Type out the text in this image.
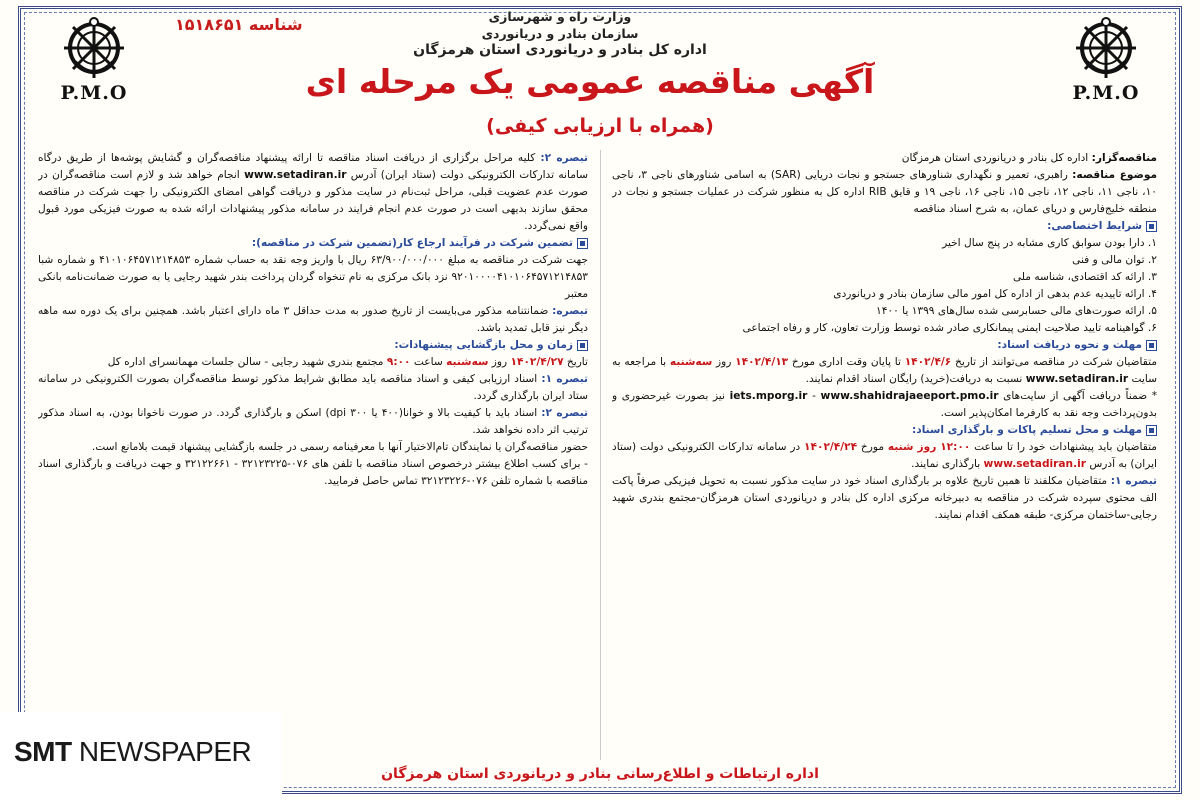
P.M.O	P.M.O
شناسه ۱۵۱۸۶۵۱	وزارت راه و شهرسازی
سازمان بنادر و دریانوردی
اداره کل بنادر و دریانوردی استان هرمزگان
آگهی مناقصه عمومی یک مرحله ای
(همراه با ارزیابی کیفی)

مناقصه‌گزار: اداره کل بنادر و دریانوردی استان هرمزگان

موضوع مناقصه: راهبری، تعمیر و نگهداری شناورهای جستجو و نجات دریایی (SAR) به اسامی شناورهای ناجی ۳، ناجی ۱۰، ناجی ۱۱، ناجی ۱۲، ناجی ۱۵، ناجی ۱۶، ناجی ۱۹ و قایق RIB اداره کل به منظور شرکت در عملیات جستجو و نجات در منطقه خلیج‌فارس و دریای عمان، به شرح اسناد مناقصه

شرایط اختصاصی:

۱. دارا بودن سوابق کاری مشابه در پنج سال اخیر

۲. توان مالی و فنی

۳. ارائه کد اقتصادی، شناسه ملی

۴. ارائه تاییدیه عدم بدهی از اداره کل امور مالی سازمان بنادر و دریانوردی

۵. ارائه صورت‌های مالی حسابرسی شده سال‌های ۱۳۹۹ یا ۱۴۰۰

۶. گواهینامه تایید صلاحیت ایمنی پیمانکاری صادر شده توسط وزارت تعاون، کار و رفاه اجتماعی

مهلت و نحوه دریافت اسناد:

متقاضیان شرکت در مناقصه می‌توانند از تاریخ ۱۴۰۲/۴/۶ تا پایان وقت اداری مورخ ۱۴۰۲/۴/۱۳ روز سه‌شنبه با مراجعه به سایت www.setadiran.ir نسبت به دریافت(خرید) رایگان اسناد اقدام نمایند.

* ضمناً دریافت آگهی از سایت‌های iets.mporg.ir - www.shahidrajaeeport.pmo.ir نیز بصورت غیرحضوری و بدون‌پرداخت وجه نقد به کارفرما امکان‌پذیر است.

مهلت و محل تسلیم پاکات و بارگذاری اسناد:

متقاضیان باید پیشنهادات خود را تا ساعت ۱۲:۰۰ روز شنبه مورخ ۱۴۰۲/۴/۲۴ در سامانه تدارکات الکترونیکی دولت (ستاد ایران) به آدرس www.setadiran.ir بارگذاری نمایند.

تبصره ۱: متقاضیان مکلفند تا همین تاریخ علاوه بر بارگذاری اسناد خود در سایت مذکور نسبت به تحویل فیزیکی صرفاً پاکت الف محتوی سپرده شرکت در مناقصه به دبیرخانه مرکزی اداره کل بنادر و دریانوردی استان هرمزگان-مجتمع بندری شهید رجایی-ساختمان مرکزی- طبقه همکف اقدام نمایند.

تبصره ۲: کلیه مراحل برگزاری از دریافت اسناد مناقصه تا ارائه پیشنهاد مناقصه‌گران و گشایش پوشه‌ها از طریق درگاه سامانه تدارکات الکترونیکی دولت (ستاد ایران) آدرس www.setadiran.ir انجام خواهد شد و لازم است مناقصه‌گران در صورت عدم عضویت قبلی، مراحل ثبت‌نام در سایت مذکور و دریافت گواهی امضای الکترونیکی را جهت شرکت در مناقصه محقق سازند بدیهی است در صورت عدم انجام فرایند در سامانه مذکور پیشنهادات ارائه شده به صورت فیزیکی مورد قبول واقع نمی‌گردد.

تضمین شرکت در فرآیند ارجاع کار(تضمین شرکت در مناقصه):

جهت شرکت در مناقصه به مبلغ ۶۳/۹۰۰/۰۰۰/۰۰۰ ریال با واریز وجه نقد به حساب شماره ۴۱۰۱۰۶۴۵۷۱۲۱۴۸۵۳ و شماره شبا ۹۲۰۱۰۰۰۰۴۱۰۱۰۶۴۵۷۱۲۱۴۸۵۳ نزد بانک مرکزی به نام تنخواه گردان پرداخت بندر شهید رجایی یا به صورت ضمانت‌نامه بانکی معتبر

تبصره: ضمانتنامه مذکور می‌بایست از تاریخ صدور به مدت حداقل ۳ ماه دارای اعتبار باشد. همچنین برای یک دوره سه ماهه دیگر نیز قابل تمدید باشد.

زمان و محل بازگشایی پیشنهادات:

تاریخ ۱۴۰۲/۴/۲۷ روز سه‌شنبه ساعت ۹:۰۰ مجتمع بندری شهید رجایی - سالن جلسات مهمانسرای اداره کل

تبصره ۱: اسناد ارزیابی کیفی و اسناد مناقصه باید مطابق شرایط مذکور توسط مناقصه‌گران بصورت الکترونیکی در سامانه ستاد ایران بارگذاری گردد.

تبصره ۲: اسناد باید با کیفیت بالا و خوانا(۴۰۰ یا ۳۰۰ dpi) اسکن و بارگذاری گردد. در صورت ناخوانا بودن، به اسناد مذکور ترتیب اثر داده نخواهد شد.

حضور مناقصه‌گران یا نمایندگان تام‌الاختیار آنها با معرفینامه رسمی در جلسه بازگشایی پیشنهاد قیمت بلامانع است.

- برای کسب اطلاع بیشتر درخصوص اسناد مناقصه با تلفن های ۰۷۶-۳۲۱۲۳۲۲۵ - ۳۲۱۲۲۶۶۱ و جهت دریافت و بارگذاری اسناد مناقصه با شماره تلفن ۰۷۶-۳۲۱۲۳۲۲۶ تماس حاصل فرمایید.

اداره ارتباطات و اطلاع‌رسانی بنادر و دریانوردی استان هرمزگان
SMT NEWSPAPER
